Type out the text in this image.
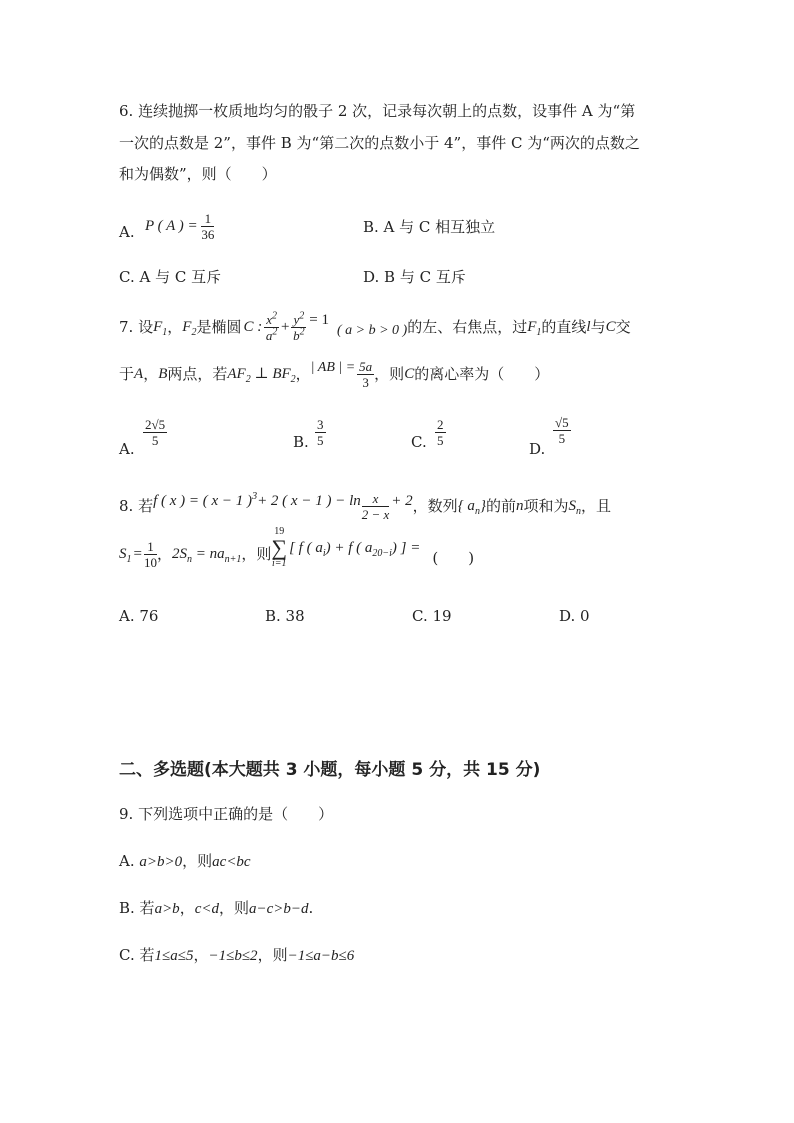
6. 连续抛掷一枚质地均匀的骰子 2 次，记录每次朝上的点数，设事件 A 为“第
一次的点数是 2”，事件 B 为“第二次的点数小于 4”，事件 C 为“两次的点数之
和为偶数”，则（　　）
A. P ( A ) = $\frac{1}{36}$	B. A 与 C 相互独立
C. A 与 C 互斥	D. B 与 C 互斥
7. 设 $F_1$ ， $F_2$ 是椭圆 C : $\frac{x^2}{a^2} + \frac{y^2}{b^2} = 1$
( a > b > 0 ) 的左、右焦点，过 $F_1$ 的直线 l 与 C 交
于 A ， B 两点，若 $AF_2$ ⊥ $BF_2$ ， | AB | = $\frac{5a}{3}$ ，则 C 的离心率为（　　）
A.
$\frac{2√5}{5}$	B. $\frac{3}{5}$	C. $\frac{2}{5}$
D.
$\frac{√5}{5}$
8. 若 f ( x ) = ( x − 1 )$^3$+ 2 ( x − 1 ) − $\ln \frac{x}{2 - x} + 2$ ，数列 { $a_n$} 的前 n 项和为 $S_n$ ，且
$S_1 = \frac{1}{10}$ ， $2S_n = na_{n+1}$ ，则
19
∑
i=1
[ f ( $a_i) + f$ ( $a_{20-i}$) ] =
(　　)
A. 76	B. 38	C. 19	D. 0
二、多选题(本大题共 3 小题，每小题 5 分，共 15 分)
9. 下列选项中正确的是（　　）
A. a>b>0，则ac<bc
B. 若a>b，c<d，则a−c>b−d.
C. 若1≤a≤5，−1≤b≤2，则−1≤a−b≤6
